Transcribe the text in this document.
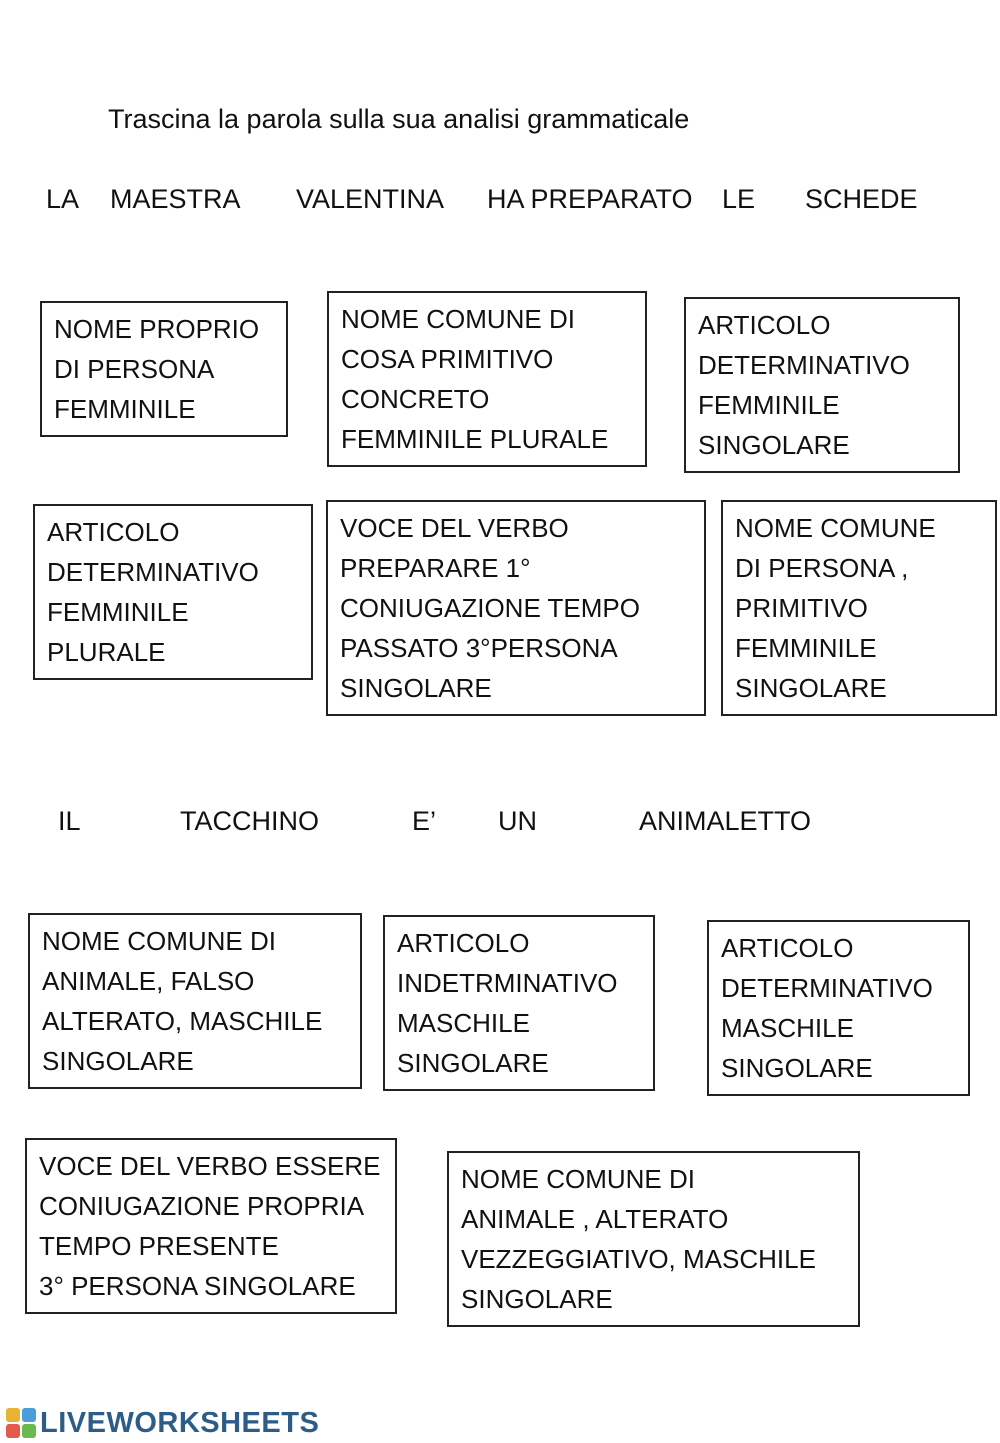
Trascina la parola sulla sua analisi grammaticale
LA MAESTRA VALENTINA HA PREPARATO LE SCHEDE
NOME PROPRIO
DI PERSONA
FEMMINILE
NOME COMUNE DI
COSA PRIMITIVO
CONCRETO
FEMMINILE PLURALE
ARTICOLO
DETERMINATIVO
FEMMINILE
SINGOLARE
ARTICOLO
DETERMINATIVO
FEMMINILE
PLURALE
VOCE DEL VERBO
PREPARARE 1°
CONIUGAZIONE TEMPO
PASSATO 3°PERSONA
SINGOLARE
NOME COMUNE
DI PERSONA ,
PRIMITIVO
FEMMINILE
SINGOLARE
IL	TACCHINO	E’ UN	ANIMALETTO
NOME COMUNE DI
ANIMALE, FALSO
ALTERATO, MASCHILE
SINGOLARE
ARTICOLO
INDETRMINATIVO
MASCHILE
SINGOLARE
ARTICOLO
DETERMINATIVO
MASCHILE
SINGOLARE
VOCE DEL VERBO ESSERE
CONIUGAZIONE PROPRIA
TEMPO PRESENTE
3° PERSONA SINGOLARE
NOME COMUNE DI
ANIMALE , ALTERATO
VEZZEGGIATIVO, MASCHILE
SINGOLARE
LIVEWORKSHEETS
